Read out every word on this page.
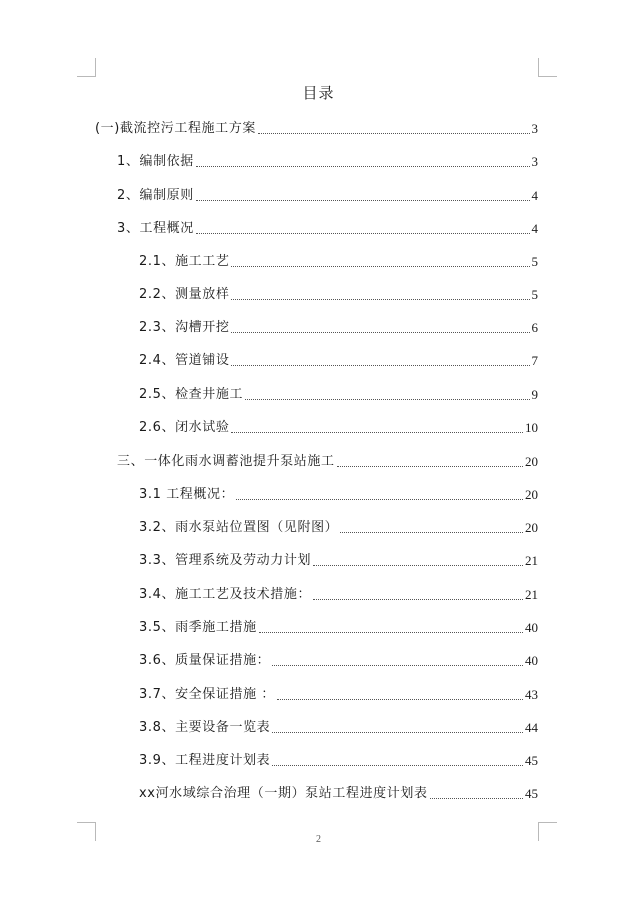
目录
(一)截流控污工程施工方案	3
1、编制依据	3
2、编制原则	4
3、工程概况	4
2.1、施工工艺	5
2.2、测量放样	5
2.3、沟槽开挖	6
2.4、管道铺设	7
2.5、检查井施工	9
2.6、闭水试验	10
三、一体化雨水调蓄池提升泵站施工	20
3.1 工程概况：	20
3.2、雨水泵站位置图（见附图）	20
3.3、管理系统及劳动力计划	21
3.4、施工工艺及技术措施：	21
3.5、雨季施工措施	40
3.6、质量保证措施：	40
3.7、安全保证措施 ：	43
3.8、主要设备一览表	44
3.9、工程进度计划表	45
xx河水域综合治理（一期）泵站工程进度计划表	45
2
